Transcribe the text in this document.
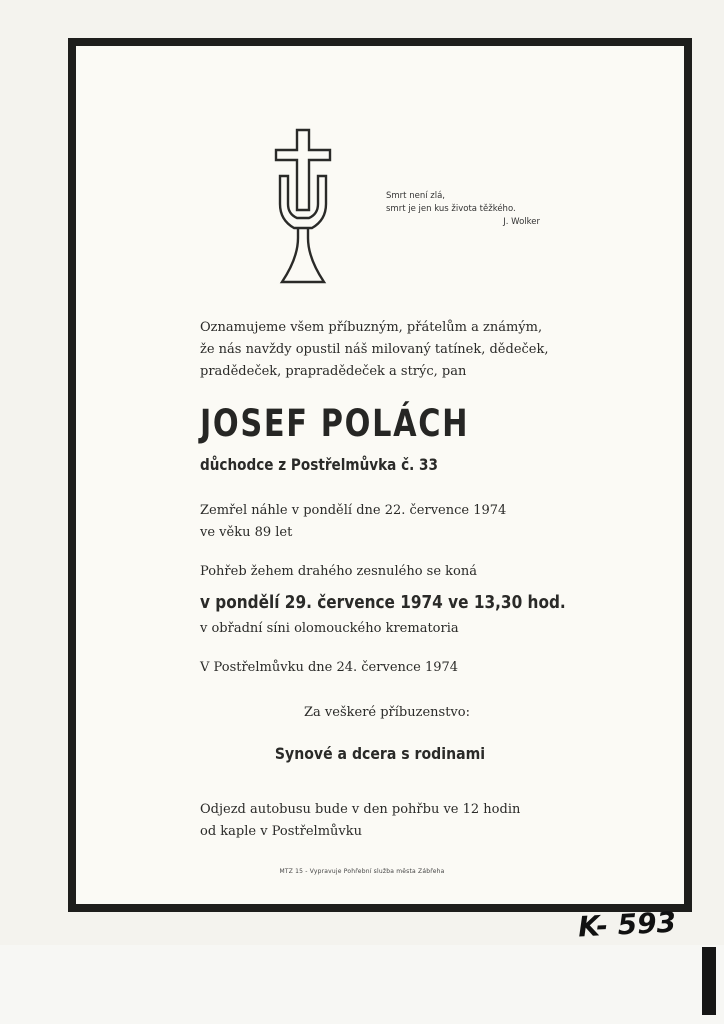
Smrt není zlá,
smrt je jen kus života těžkého.
J. Wolker

Oznamujeme všem příbuzným, přátelům a známým,
že nás navždy opustil náš milovaný tatínek, dědeček,
pradědeček, prapradědeček a strýc, pan

JOSEF POLÁCH

důchodce z Postřelmůvka č. 33

Zemřel náhle v pondělí dne 22. července 1974
ve věku 89 let

Pohřeb žehem drahého zesnulého se koná

v pondělí 29. července 1974 ve 13,30 hod.

v obřadní síni olomouckého krematoria

V Postřelmůvku dne 24. července 1974

Za veškeré příbuzenstvo:

Synové a dcera s rodinami

Odjezd autobusu bude v den pohřbu ve 12 hodin
od kaple v Postřelmůvku

MTZ 15 - Vypravuje Pohřební služba města Zábřeha

K- 593
